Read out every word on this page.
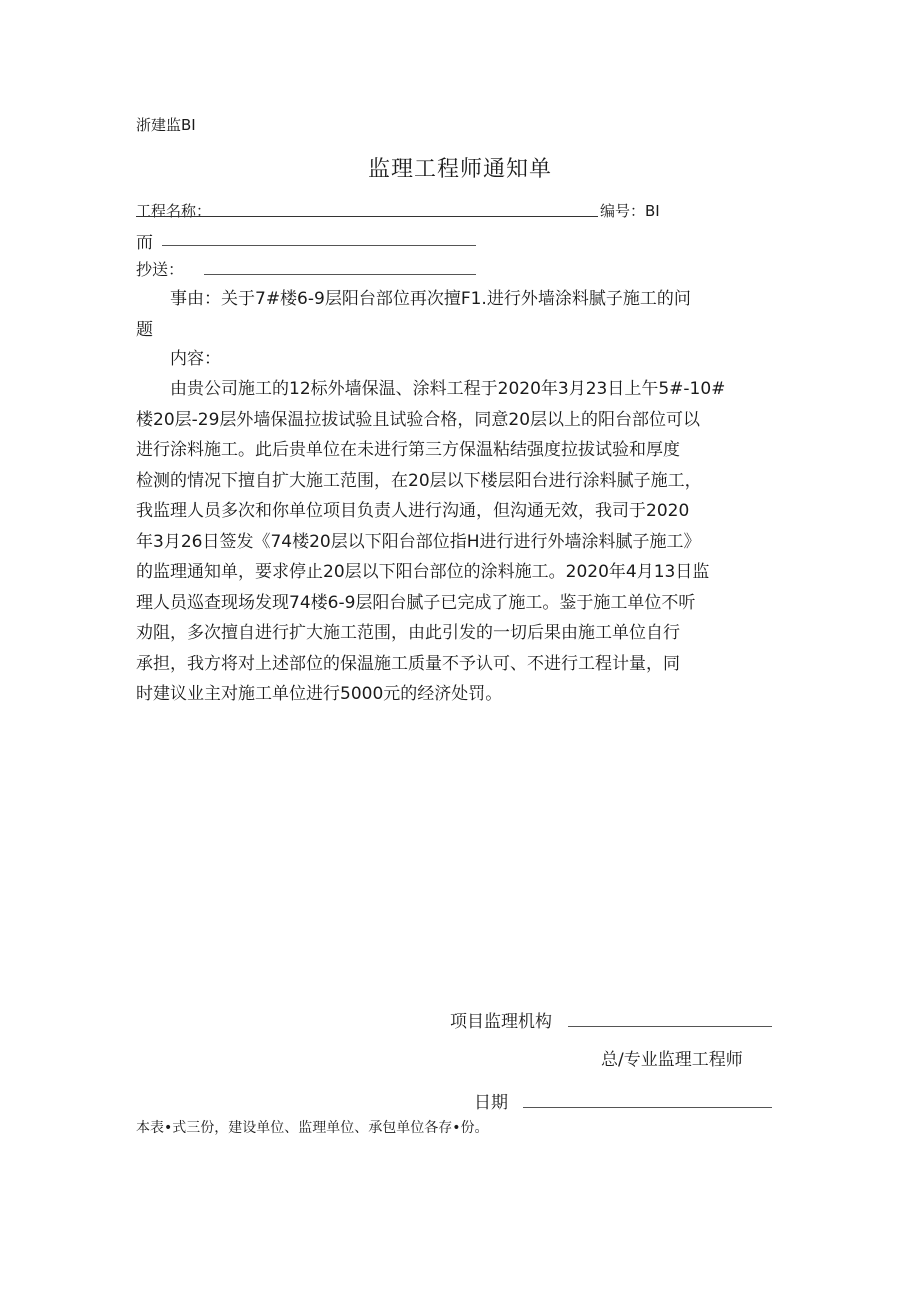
浙建监BI
监理工程师通知单
工程名称：	编号：BI
而
抄送：
事由：关于7#楼6-9层阳台部位再次擅F1.进行外墙涂料腻子施工的问
题
内容：
由贵公司施工的12标外墙保温、涂料工程于2020年3月23日上午5#-10#
楼20层-29层外墙保温拉拔试验且试验合格，同意20层以上的阳台部位可以
进行涂料施工。此后贵单位在未进行第三方保温粘结强度拉拔试验和厚度
检测的情况下擅自扩大施工范围，在20层以下楼层阳台进行涂料腻子施工，
我监理人员多次和你单位项目负责人进行沟通，但沟通无效，我司于2020
年3月26日签发《74楼20层以下阳台部位指H进行进行外墙涂料腻子施工》
的监理通知单，要求停止20层以下阳台部位的涂料施工。2020年4月13日监
理人员巡查现场发现74楼6-9层阳台腻子已完成了施工。鉴于施工单位不听
劝阻，多次擅自进行扩大施工范围，由此引发的一切后果由施工单位自行
承担，我方将对上述部位的保温施工质量不予认可、不进行工程计量，同
时建议业主对施工单位进行5000元的经济处罚。
项目监理机构
总/专业监理工程师
日期
本表•式三份，建设单位、监理单位、承包单位各存•份。
